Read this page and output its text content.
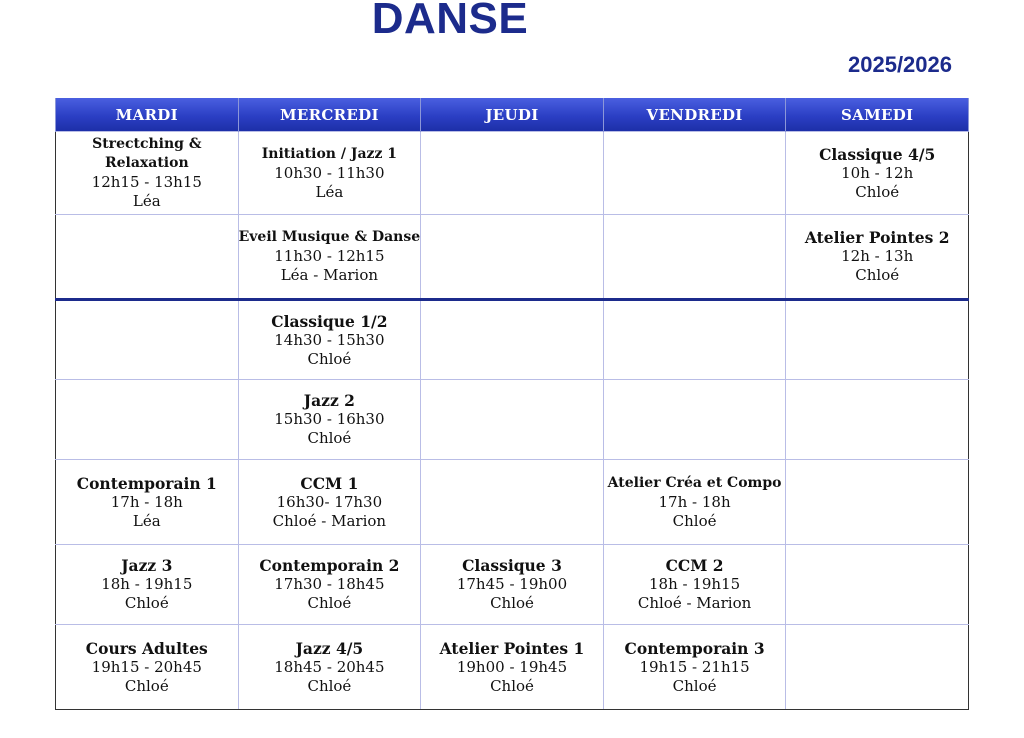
DANSE
2025/2026
MARDI	MERCREDI	JEUDI	VENDREDI	SAMEDI

Strectching & Relaxation
12h15 - 13h15
Léa	Initiation / Jazz 1
10h30 - 11h30
Léa			Classique 4/5
10h - 12h
Chloé

	Eveil Musique & Danse
11h30 - 12h15
Léa - Marion			Atelier Pointes 2
12h - 13h
Chloé

	Classique 1/2
14h30 - 15h30
Chloé			

	Jazz 2
15h30 - 16h30
Chloé			

Contemporain 1
17h - 18h
Léa	CCM 1
16h30- 17h30
Chloé - Marion		Atelier Créa et Compo
17h - 18h
Chloé	

Jazz 3
18h - 19h15
Chloé	Contemporain 2
17h30 - 18h45
Chloé	Classique 3
17h45 - 19h00
Chloé	CCM 2
18h - 19h15
Chloé - Marion	

Cours Adultes
19h15 - 20h45
Chloé	Jazz 4/5
18h45 - 20h45
Chloé	Atelier Pointes 1
19h00 - 19h45
Chloé	Contemporain 3
19h15 - 21h15
Chloé	
